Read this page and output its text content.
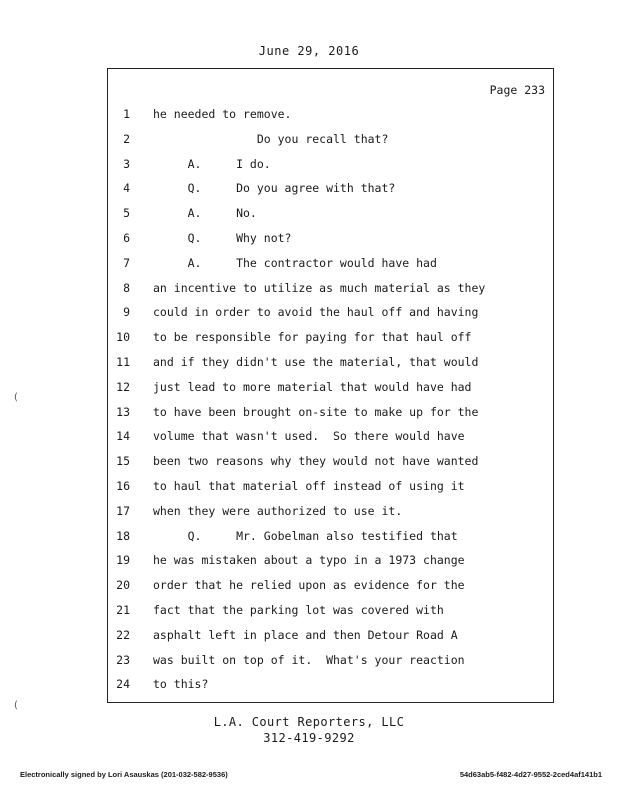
June 29, 2016
Page 233
1 he needed to remove.
2 Do you recall that?
3 A.     I do.
4 Q.     Do you agree with that?
5 A.     No.
6 Q.     Why not?
7 A.     The contractor would have had
8 an incentive to utilize as much material as they
9 could in order to avoid the haul off and having
10 to be responsible for paying for that haul off
11 and if they didn't use the material, that would
12 just lead to more material that would have had
13 to have been brought on-site to make up for the
14 volume that wasn't used.  So there would have
15 been two reasons why they would not have wanted
16 to haul that material off instead of using it
17 when they were authorized to use it.
18 Q.     Mr. Gobelman also testified that
19 he was mistaken about a typo in a 1973 change
20 order that he relied upon as evidence for the
21 fact that the parking lot was covered with
22 asphalt left in place and then Detour Road A
23 was built on top of it.  What's your reaction
24 to this?
L.A. Court Reporters, LLC
312-419-9292
Electronically signed by Lori Asauskas (201-032-582-9536)	54d63ab5-f482-4d27-9552-2ced4af141b1
(
(
